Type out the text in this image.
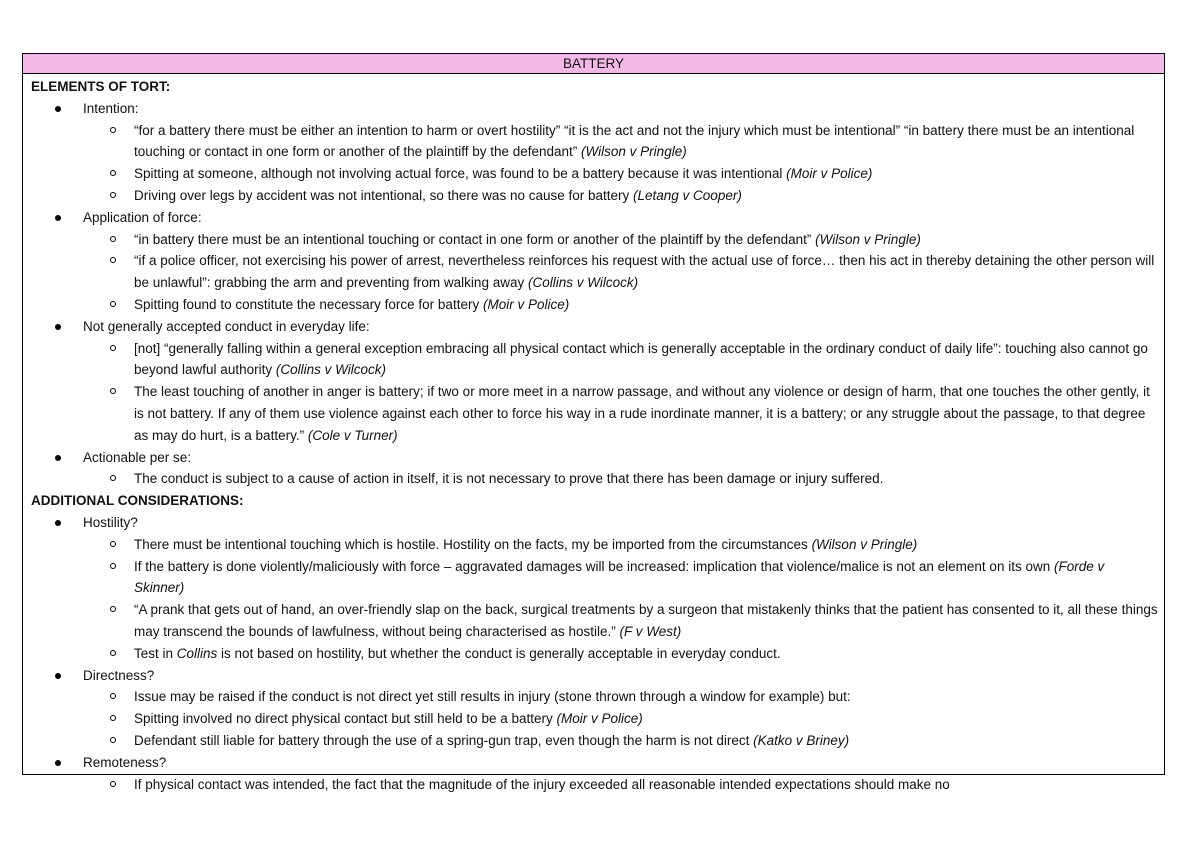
BATTERY
ELEMENTS OF TORT:
Intention:
“for a battery there must be either an intention to harm or overt hostility” “it is the act and not the injury which must be intentional” “in battery there must be an intentional touching or contact in one form or another of the plaintiff by the defendant” (Wilson v Pringle)
Spitting at someone, although not involving actual force, was found to be a battery because it was intentional (Moir v Police)
Driving over legs by accident was not intentional, so there was no cause for battery (Letang v Cooper)
Application of force:
“in battery there must be an intentional touching or contact in one form or another of the plaintiff by the defendant” (Wilson v Pringle)
“if a police officer, not exercising his power of arrest, nevertheless reinforces his request with the actual use of force… then his act in thereby detaining the other person will be unlawful”: grabbing the arm and preventing from walking away (Collins v Wilcock)
Spitting found to constitute the necessary force for battery (Moir v Police)
Not generally accepted conduct in everyday life:
[not] “generally falling within a general exception embracing all physical contact which is generally acceptable in the ordinary conduct of daily life”: touching also cannot go beyond lawful authority (Collins v Wilcock)
The least touching of another in anger is battery; if two or more meet in a narrow passage, and without any violence or design of harm, that one touches the other gently, it is not battery. If any of them use violence against each other to force his way in a rude inordinate manner, it is a battery; or any struggle about the passage, to that degree as may do hurt, is a battery.” (Cole v Turner)
Actionable per se:
The conduct is subject to a cause of action in itself, it is not necessary to prove that there has been damage or injury suffered.
ADDITIONAL CONSIDERATIONS:
Hostility?
There must be intentional touching which is hostile. Hostility on the facts, my be imported from the circumstances (Wilson v Pringle)
If the battery is done violently/maliciously with force – aggravated damages will be increased: implication that violence/malice is not an element on its own (Forde v Skinner)
“A prank that gets out of hand, an over-friendly slap on the back, surgical treatments by a surgeon that mistakenly thinks that the patient has consented to it, all these things may transcend the bounds of lawfulness, without being characterised as hostile.” (F v West)
Test in Collins is not based on hostility, but whether the conduct is generally acceptable in everyday conduct.
Directness?
Issue may be raised if the conduct is not direct yet still results in injury (stone thrown through a window for example) but:
Spitting involved no direct physical contact but still held to be a battery (Moir v Police)
Defendant still liable for battery through the use of a spring-gun trap, even though the harm is not direct (Katko v Briney)
Remoteness?
If physical contact was intended, the fact that the magnitude of the injury exceeded all reasonable intended expectations should make no
